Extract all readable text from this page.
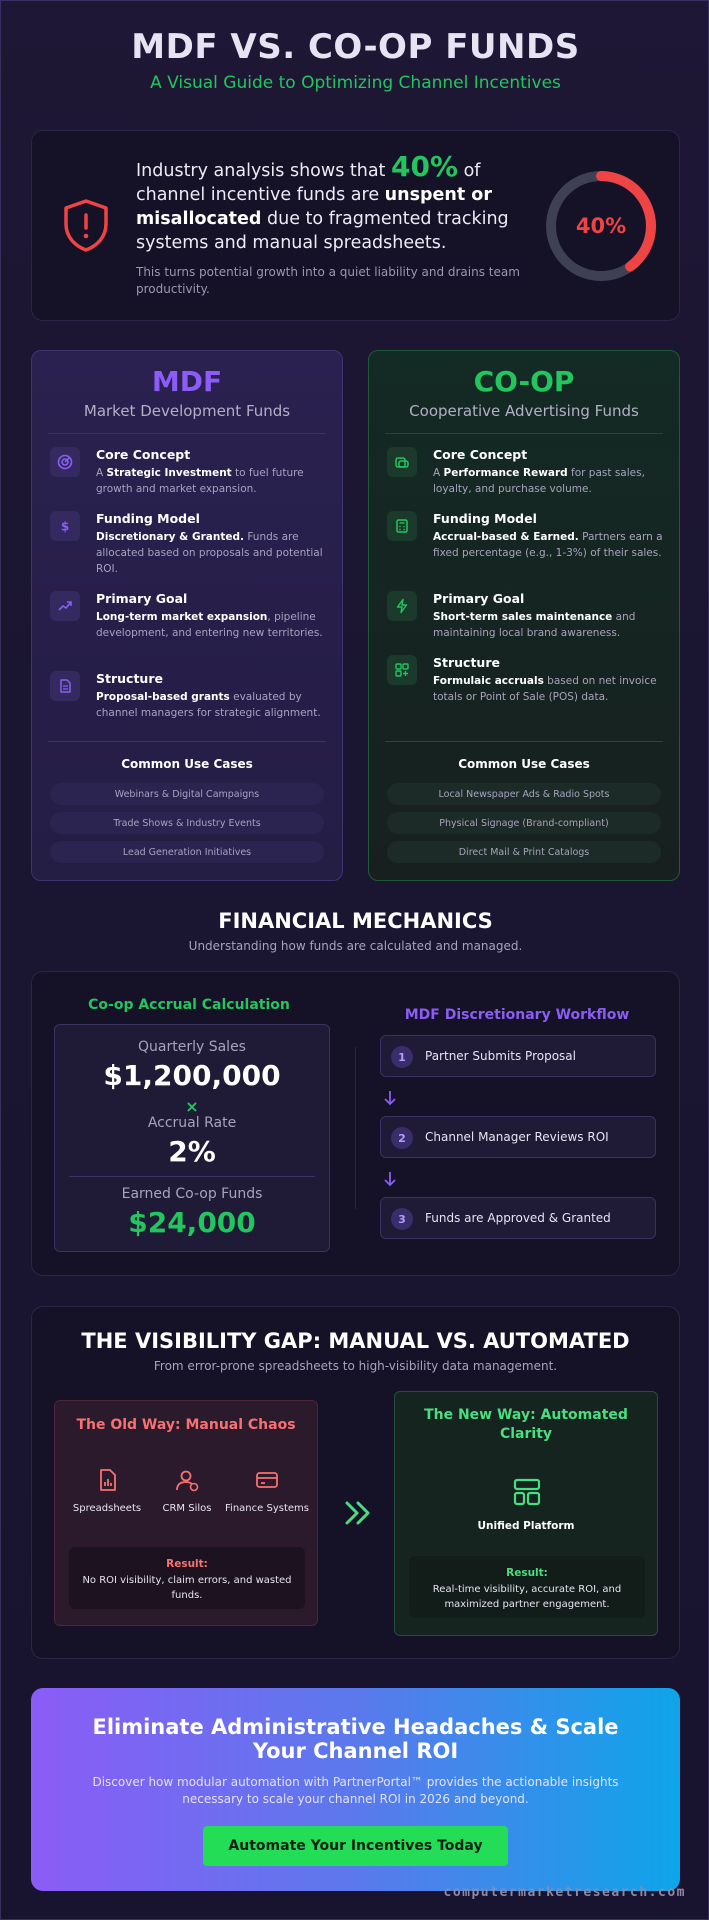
MDF VS. CO-OP FUNDS
A Visual Guide to Optimizing Channel Incentives
Industry analysis shows that 40% of channel incentive funds are unspent or misallocated due to fragmented tracking systems and manual spreadsheets.
This turns potential growth into a quiet liability and drains team productivity.
40%
MDF
Market Development Funds
Core Concept
A Strategic Investment to fuel future growth and market expansion.
$
Funding Model
Discretionary & Granted. Funds are allocated based on proposals and potential ROI.
Primary Goal
Long-term market expansion, pipeline development, and entering new territories.
Structure
Proposal-based grants evaluated by channel managers for strategic alignment.
Common Use Cases
Webinars & Digital Campaigns
Trade Shows & Industry Events
Lead Generation Initiatives
CO-OP
Cooperative Advertising Funds
Core Concept
A Performance Reward for past sales, loyalty, and purchase volume.
Funding Model
Accrual-based & Earned. Partners earn a fixed percentage (e.g., 1-3%) of their sales.
Primary Goal
Short-term sales maintenance and maintaining local brand awareness.
Structure
Formulaic accruals based on net invoice totals or Point of Sale (POS) data.
Common Use Cases
Local Newspaper Ads & Radio Spots
Physical Signage (Brand-compliant)
Direct Mail & Print Catalogs
FINANCIAL MECHANICS
Understanding how funds are calculated and managed.
Co-op Accrual Calculation
Quarterly Sales
$1,200,000
×
Accrual Rate
2%
Earned Co-op Funds
$24,000
MDF Discretionary Workflow
1	Partner Submits Proposal
2	Channel Manager Reviews ROI
3	Funds are Approved & Granted
THE VISIBILITY GAP: MANUAL VS. AUTOMATED
From error-prone spreadsheets to high-visibility data management.
The Old Way: Manual Chaos
Spreadsheets	CRM Silos	Finance Systems
Result:
No ROI visibility, claim errors, and wasted funds.
The New Way: Automated Clarity
Unified Platform
Result:
Real-time visibility, accurate ROI, and maximized partner engagement.
Eliminate Administrative Headaches & Scale Your Channel ROI
Discover how modular automation with PartnerPortal™ provides the actionable insights necessary to scale your channel ROI in 2026 and beyond.
Automate Your Incentives Today
computermarketresearch.com
